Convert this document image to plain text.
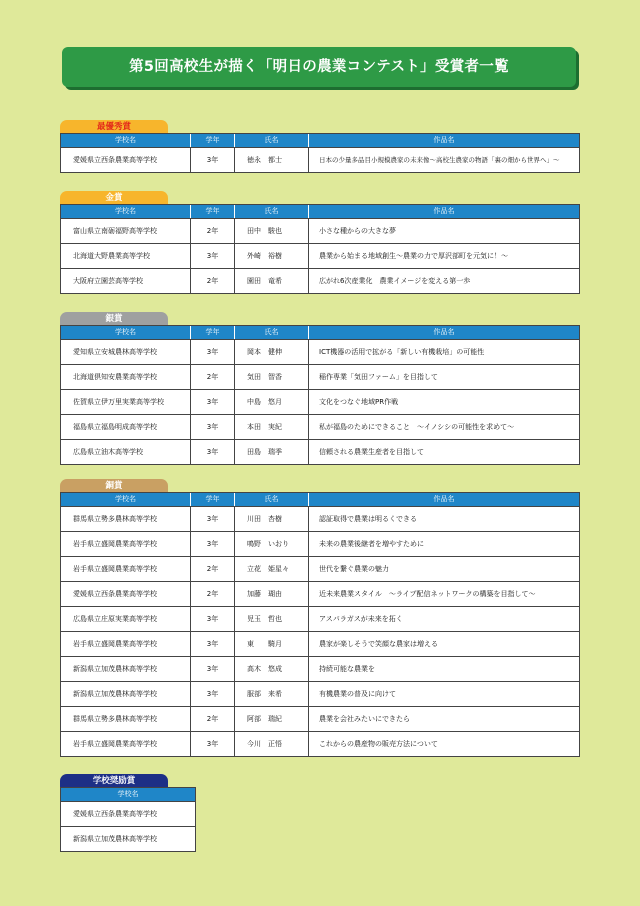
第5回高校生が描く「明日の農業コンテスト」受賞者一覧
最優秀賞
学校名	学年	氏名	作品名
愛媛県立西条農業高等学校	3年	徳永　都士	日本の少量多品目小規模農家の未来像〜高校生農家の物語「裏の畑から世界へ」〜
金賞
学校名	学年	氏名	作品名
富山県立南砺福野高等学校	2年	田中　駿也	小さな種からの大きな夢
北海道大野農業高等学校	3年	外崎　裕樹	農業から始まる地域創生〜農業の力で厚沢部町を元気に！〜
大阪府立園芸高等学校	2年	園田　竜希	広がれ6次産業化　農業イメージを変える第一歩
銀賞
学校名	学年	氏名	作品名
愛知県立安城農林高等学校	3年	岡本　健伸	ICT機器の活用で拡がる「新しい有機栽培」の可能性
北海道倶知安農業高等学校	2年	気田　智香	稲作専業「気田ファーム」を目指して
佐賀県立伊万里実業高等学校	3年	中島　悠月	文化をつなぐ地域PR作戦
福島県立福島明成高等学校	3年	本田　実紀	私が福島のためにできること　〜イノシシの可能性を求めて〜
広島県立油木高等学校	3年	田島　瑞季	信頼される農業生産者を目指して
銅賞
学校名	学年	氏名	作品名
群馬県立勢多農林高等学校	3年	川田　杏樹	認証取得で農業は明るくできる
岩手県立盛岡農業高等学校	3年	鳴野　いおり	未来の農業後継者を増やすために
岩手県立盛岡農業高等学校	2年	立花　姫星々	世代を繋ぐ農業の魅力
愛媛県立西条農業高等学校	2年	加藤　瑚由	近未来農業スタイル　〜ライブ配信ネットワークの構築を目指して〜
広島県立庄原実業高等学校	3年	児玉　哲也	アスパラガスが未来を拓く
岩手県立盛岡農業高等学校	3年	東　　騎月	農家が楽しそうで笑顔な農家は増える
新潟県立加茂農林高等学校	3年	高木　悠成	持続可能な農業を
新潟県立加茂農林高等学校	3年	服部　来希	有機農業の普及に向けて
群馬県立勢多農林高等学校	2年	阿部　瑞紀	農業を会社みたいにできたら
岩手県立盛岡農業高等学校	3年	今川　正悟	これからの農産物の販売方法について
学校奨励賞
学校名
愛媛県立西条農業高等学校
新潟県立加茂農林高等学校
